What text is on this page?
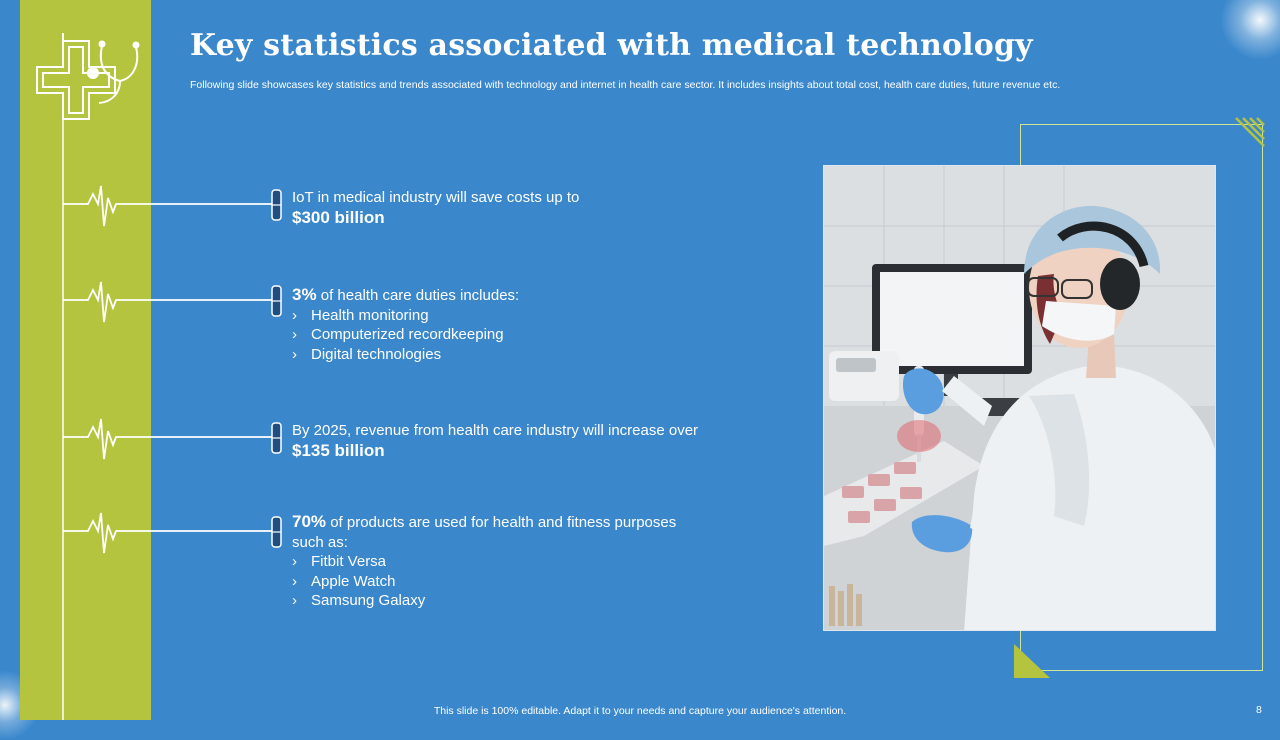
Key statistics associated with medical technology

Following slide showcases key statistics and trends associated with technology and internet in health care sector. It includes insights about total cost, health care duties, future revenue etc.

IoT in medical industry will save costs up to

$300 billion

3% of health care duties includes:

› Health monitoring
› Computerized recordkeeping
› Digital technologies

By 2025, revenue from health care industry will increase over $135 billion

70% of products are used for health and fitness purposes such as:

› Fitbit Versa
› Apple Watch
› Samsung Galaxy
This slide is 100% editable. Adapt it to your needs and capture your audience's attention.	8
